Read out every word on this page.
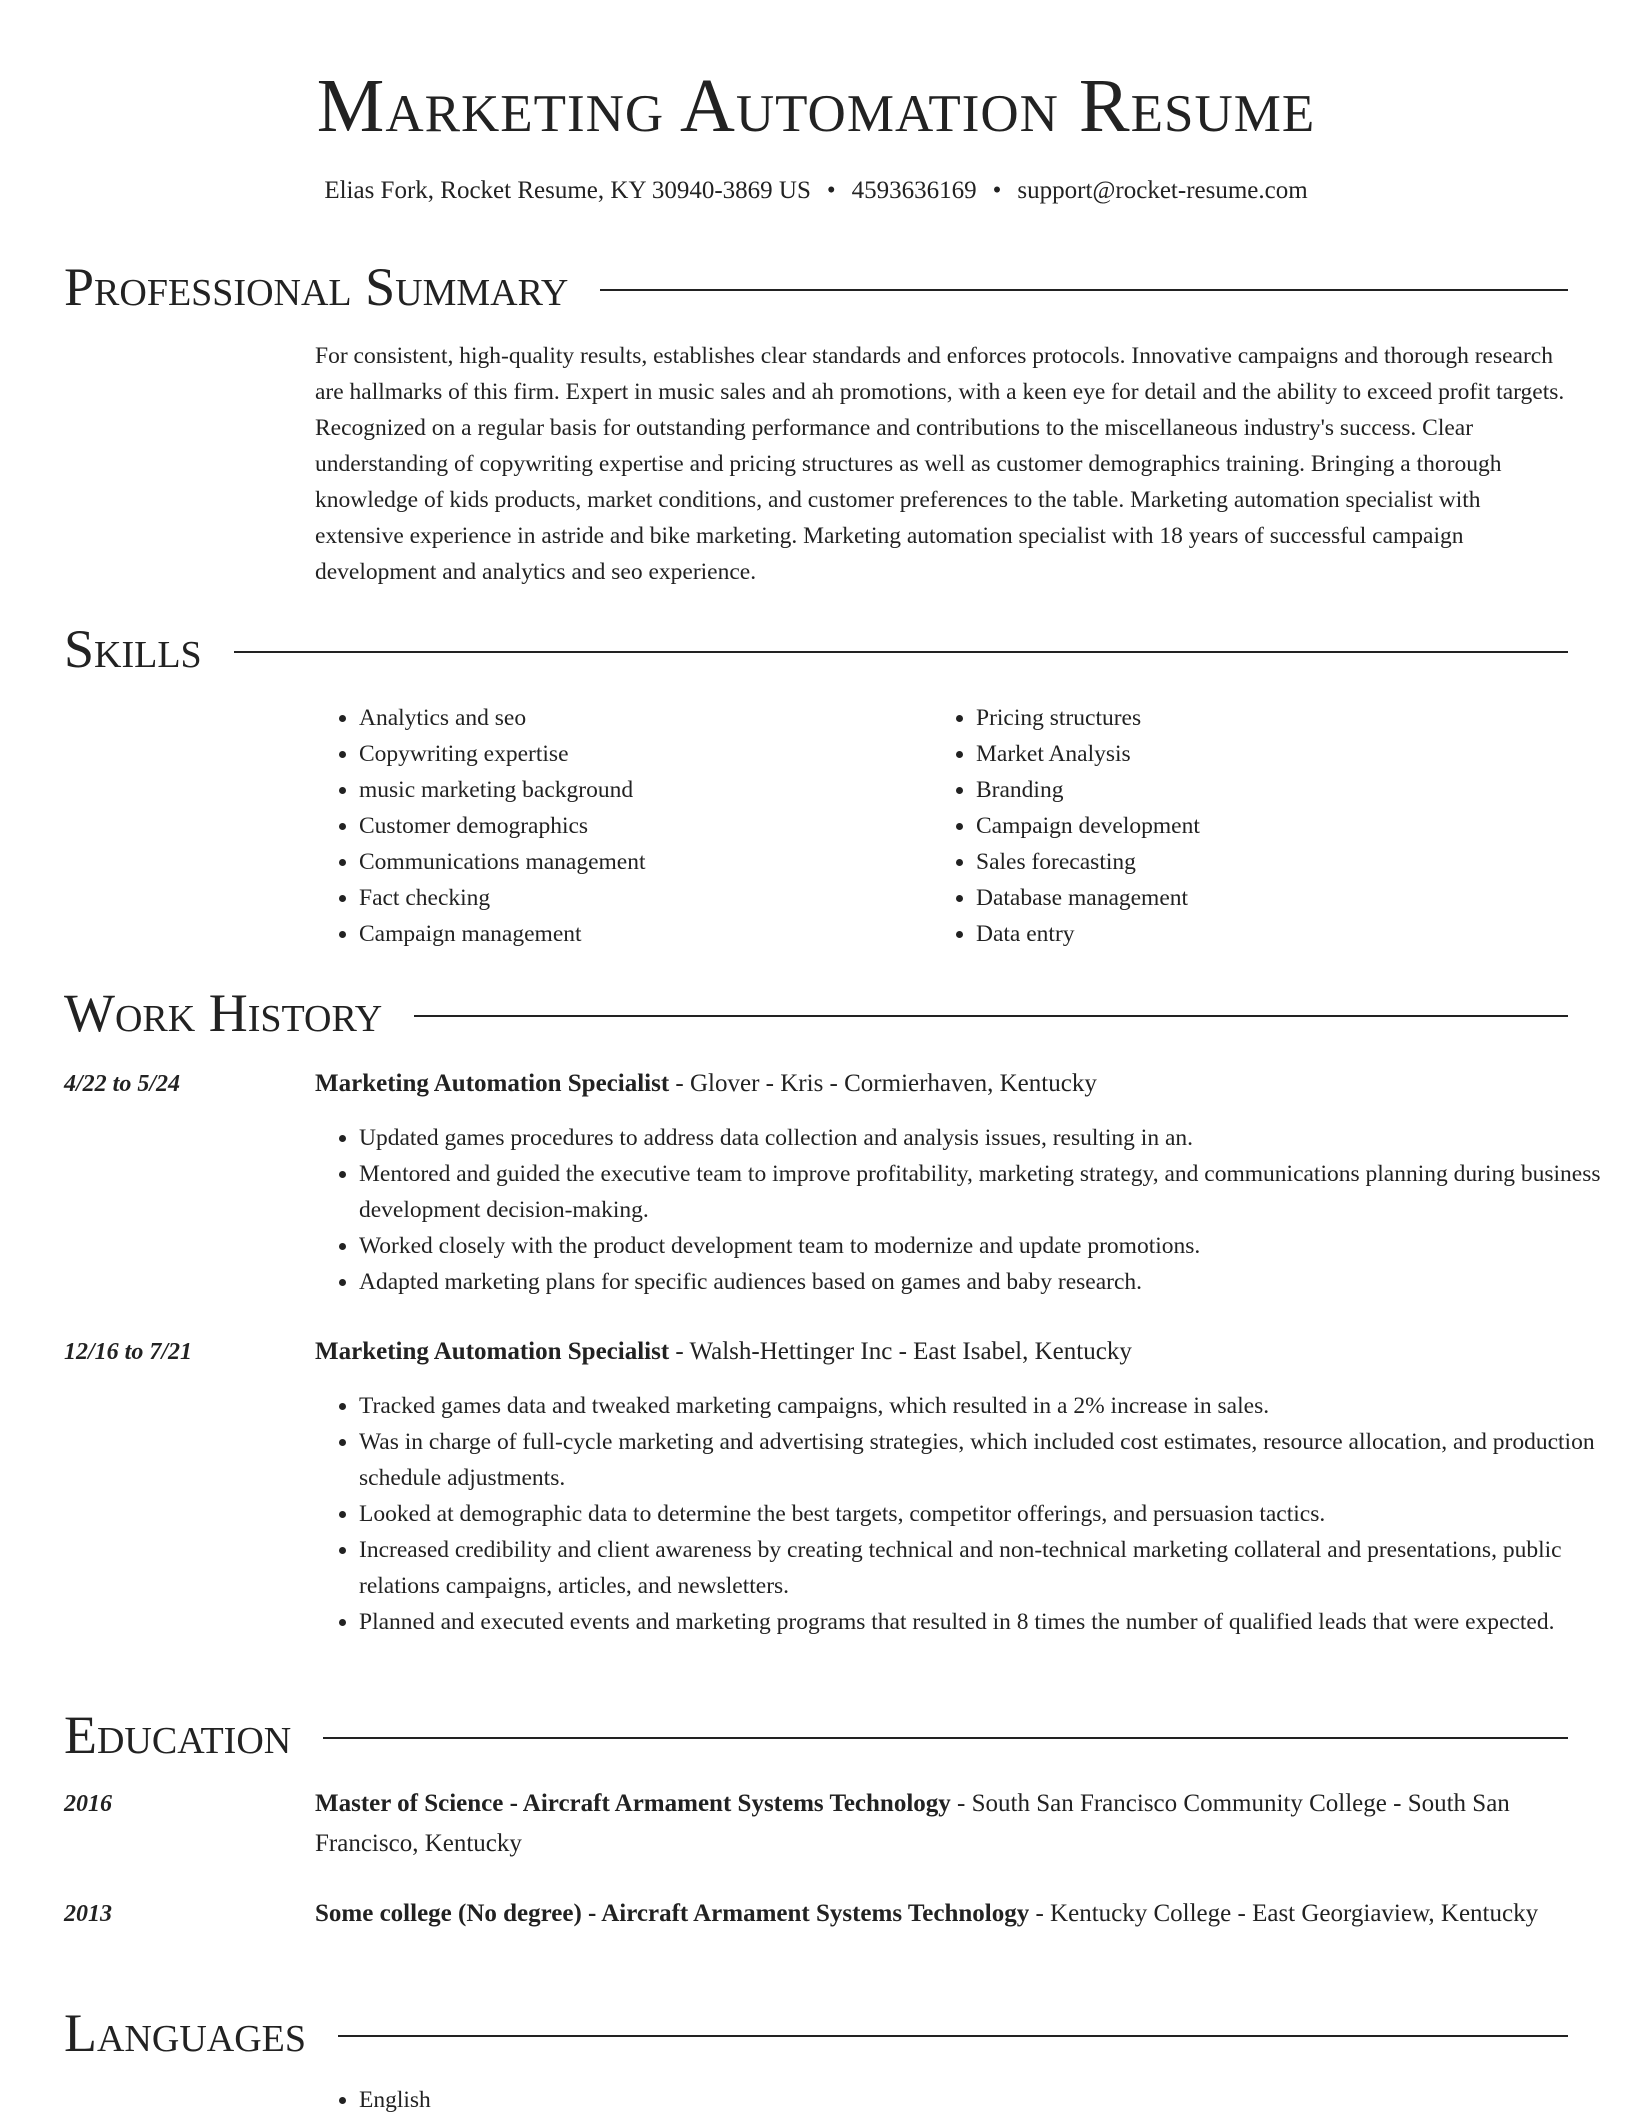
Marketing Automation Resume
Elias Fork, Rocket Resume, KY 30940-3869 US • 4593636169 • support@rocket-resume.com
Professional Summary

For consistent, high-quality results, establishes clear standards and enforces protocols. Innovative campaigns and thorough research are hallmarks of this firm. Expert in music sales and ah promotions, with a keen eye for detail and the ability to exceed profit targets. Recognized on a regular basis for outstanding performance and contributions to the miscellaneous industry's success. Clear understanding of copywriting expertise and pricing structures as well as customer demographics training. Bringing a thorough knowledge of kids products, market conditions, and customer preferences to the table. Marketing automation specialist with extensive experience in astride and bike marketing. Marketing automation specialist with 18 years of successful campaign development and analytics and seo experience.

Skills
• Analytics and seo
• Copywriting expertise
• music marketing background
• Customer demographics
• Communications management
• Fact checking
• Campaign management
• Pricing structures
• Market Analysis
• Branding
• Campaign development
• Sales forecasting
• Database management
• Data entry
Work History
4/22 to 5/24	Marketing Automation Specialist - Glover - Kris - Cormierhaven, Kentucky
• Updated games procedures to address data collection and analysis issues, resulting in an.
• Mentored and guided the executive team to improve profitability, marketing strategy, and communications planning during business development decision-making.
• Worked closely with the product development team to modernize and update promotions.
• Adapted marketing plans for specific audiences based on games and baby research.
12/16 to 7/21	Marketing Automation Specialist - Walsh-Hettinger Inc - East Isabel, Kentucky
• Tracked games data and tweaked marketing campaigns, which resulted in a 2% increase in sales.
• Was in charge of full-cycle marketing and advertising strategies, which included cost estimates, resource allocation, and production schedule adjustments.
• Looked at demographic data to determine the best targets, competitor offerings, and persuasion tactics.
• Increased credibility and client awareness by creating technical and non-technical marketing collateral and presentations, public relations campaigns, articles, and newsletters.
• Planned and executed events and marketing programs that resulted in 8 times the number of qualified leads that were expected.
Education
2016	Master of Science - Aircraft Armament Systems Technology - South San Francisco Community College - South San Francisco, Kentucky
2013	Some college (No degree) - Aircraft Armament Systems Technology - Kentucky College - East Georgiaview, Kentucky
Languages
• English
